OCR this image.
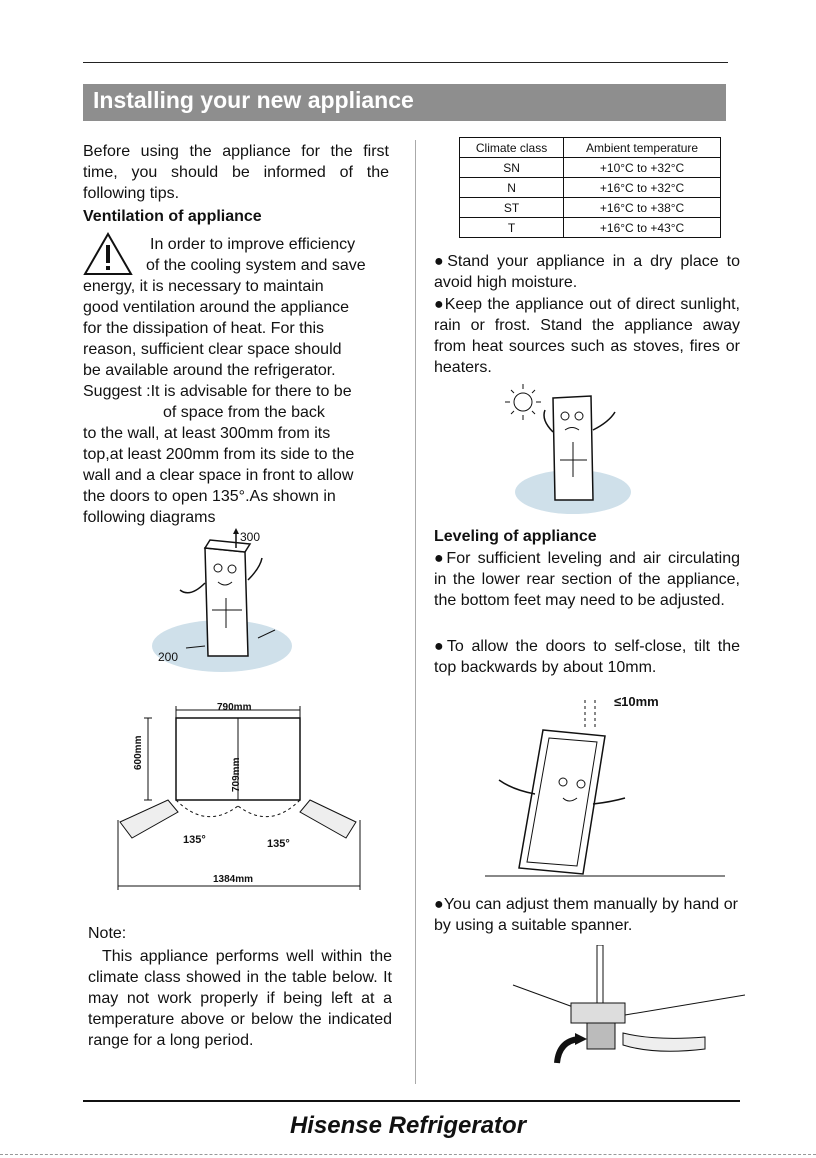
Installing your new appliance
Before using the appliance for the first time, you should be informed of the following tips.
Ventilation of appliance
In order to improve efficiency
of the cooling system and save
energy, it is necessary to maintain
good ventilation around the appliance
for the dissipation of heat. For this
reason, sufficient clear space should
be available around the refrigerator.
Suggest :It is advisable for there to be
of space from the back
to the wall, at least 300mm from its
top,at least 200mm from its side to the
wall and a clear space in front to allow
the doors to open 135°.As shown in
following diagrams
300
200
790mm
600mm
709mm
135°	135°
1384mm
Note:
This appliance performs well within the climate class showed in the table below. It may not work properly if being left at a temperature above or below the indicated range for a long period.
Climate class	Ambient temperature
SN	+10°C to +32°C
N	+16°C to +32°C
ST	+16°C to +38°C
T	+16°C to +43°C
●Stand your appliance in a dry place to avoid high moisture.
●Keep the appliance out of direct sunlight, rain or frost. Stand the appliance away from heat sources such as stoves, fires or heaters.
Leveling of appliance
●For sufficient leveling and air circulating in the lower rear section of the appliance, the bottom feet may need to be adjusted.
●To allow the doors to self-close, tilt the top backwards by about 10mm.
≤10mm
●You can adjust them manually by hand or by using a suitable spanner.
Hisense Refrigerator
